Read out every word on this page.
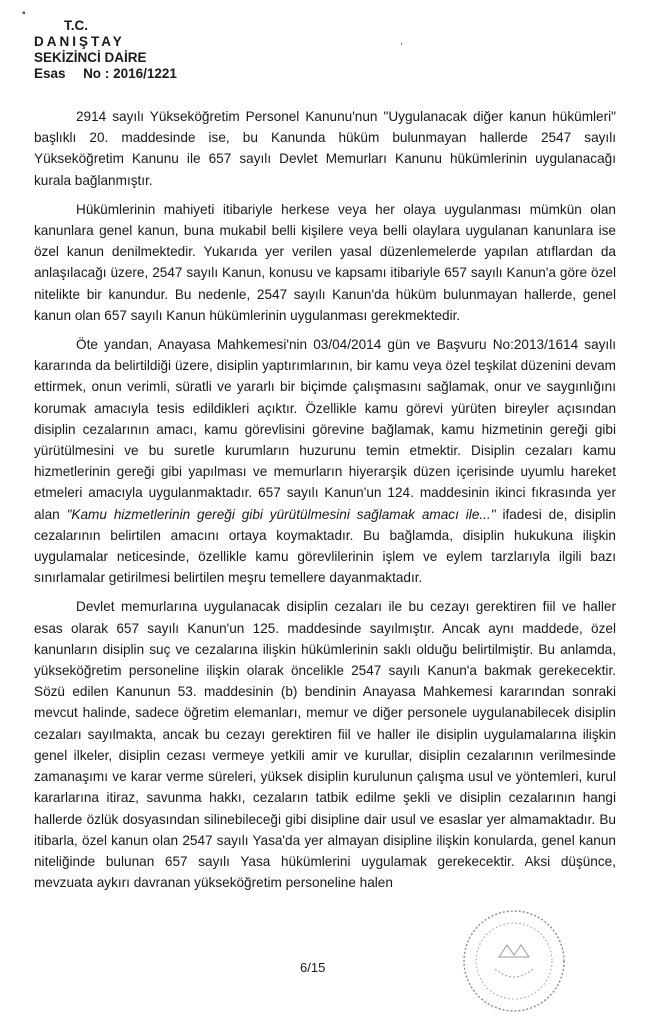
T.C.
DANIŞTAY
SEKİZİNCİ DAİRE
Esas No : 2016/1221
▪
,

2914 sayılı Yükseköğretim Personel Kanunu'nun "Uygulanacak diğer kanun hükümleri" başlıklı 20. maddesinde ise, bu Kanunda hüküm bulunmayan hallerde 2547 sayılı Yükseköğretim Kanunu ile 657 sayılı Devlet Memurları Kanunu hükümlerinin uygulanacağı kurala bağlanmıştır.

Hükümlerinin mahiyeti itibariyle herkese veya her olaya uygulanması mümkün olan kanunlara genel kanun, buna mukabil belli kişilere veya belli olaylara uygulanan kanunlara ise özel kanun denilmektedir. Yukarıda yer verilen yasal düzenlemelerde yapılan atıflardan da anlaşılacağı üzere, 2547 sayılı Kanun, konusu ve kapsamı itibariyle 657 sayılı Kanun'a göre özel nitelikte bir kanundur. Bu nedenle, 2547 sayılı Kanun'da hüküm bulunmayan hallerde, genel kanun olan 657 sayılı Kanun hükümlerinin uygulanması gerekmektedir.

Öte yandan, Anayasa Mahkemesi'nin 03/04/2014 gün ve Başvuru No:2013/1614 sayılı kararında da belirtildiği üzere, disiplin yaptırımlarının, bir kamu veya özel teşkilat düzenini devam ettirmek, onun verimli, süratli ve yararlı bir biçimde çalışmasını sağlamak, onur ve saygınlığını korumak amacıyla tesis edildikleri açıktır. Özellikle kamu görevi yürüten bireyler açısından disiplin cezalarının amacı, kamu görevlisini görevine bağlamak, kamu hizmetinin gereği gibi yürütülmesini ve bu suretle kurumların huzurunu temin etmektir. Disiplin cezaları kamu hizmetlerinin gereği gibi yapılması ve memurların hiyerarşik düzen içerisinde uyumlu hareket etmeleri amacıyla uygulanmaktadır. 657 sayılı Kanun'un 124. maddesinin ikinci fıkrasında yer alan "Kamu hizmetlerinin gereği gibi yürütülmesini sağlamak amacı ile..." ifadesi de, disiplin cezalarının belirtilen amacını ortaya koymaktadır. Bu bağlamda, disiplin hukukuna ilişkin uygulamalar neticesinde, özellikle kamu görevlilerinin işlem ve eylem tarzlarıyla ilgili bazı sınırlamalar getirilmesi belirtilen meşru temellere dayanmaktadır.

Devlet memurlarına uygulanacak disiplin cezaları ile bu cezayı gerektiren fiil ve haller esas olarak 657 sayılı Kanun'un 125. maddesinde sayılmıştır. Ancak aynı maddede, özel kanunların disiplin suç ve cezalarına ilişkin hükümlerinin saklı olduğu belirtilmiştir. Bu anlamda, yükseköğretim personeline ilişkin olarak öncelikle 2547 sayılı Kanun'a bakmak gerekecektir. Sözü edilen Kanunun 53. maddesinin (b) bendinin Anayasa Mahkemesi kararından sonraki mevcut halinde, sadece öğretim elemanları, memur ve diğer personele uygulanabilecek disiplin cezaları sayılmakta, ancak bu cezayı gerektiren fiil ve haller ile disiplin uygulamalarına ilişkin genel ilkeler, disiplin cezası vermeye yetkili amir ve kurullar, disiplin cezalarının verilmesinde zamanaşımı ve karar verme süreleri, yüksek disiplin kurulunun çalışma usul ve yöntemleri, kurul kararlarına itiraz, savunma hakkı, cezaların tatbik edilme şekli ve disiplin cezalarının hangi hallerde özlük dosyasından silinebileceği gibi disipline dair usul ve esaslar yer almamaktadır. Bu itibarla, özel kanun olan 2547 sayılı Yasa'da yer almayan disipline ilişkin konularda, genel kanun niteliğinde bulunan 657 sayılı Yasa hükümlerini uygulamak gerekecektir. Aksi düşünce, mevzuata aykırı davranan yükseköğretim personeline halen

6/15
